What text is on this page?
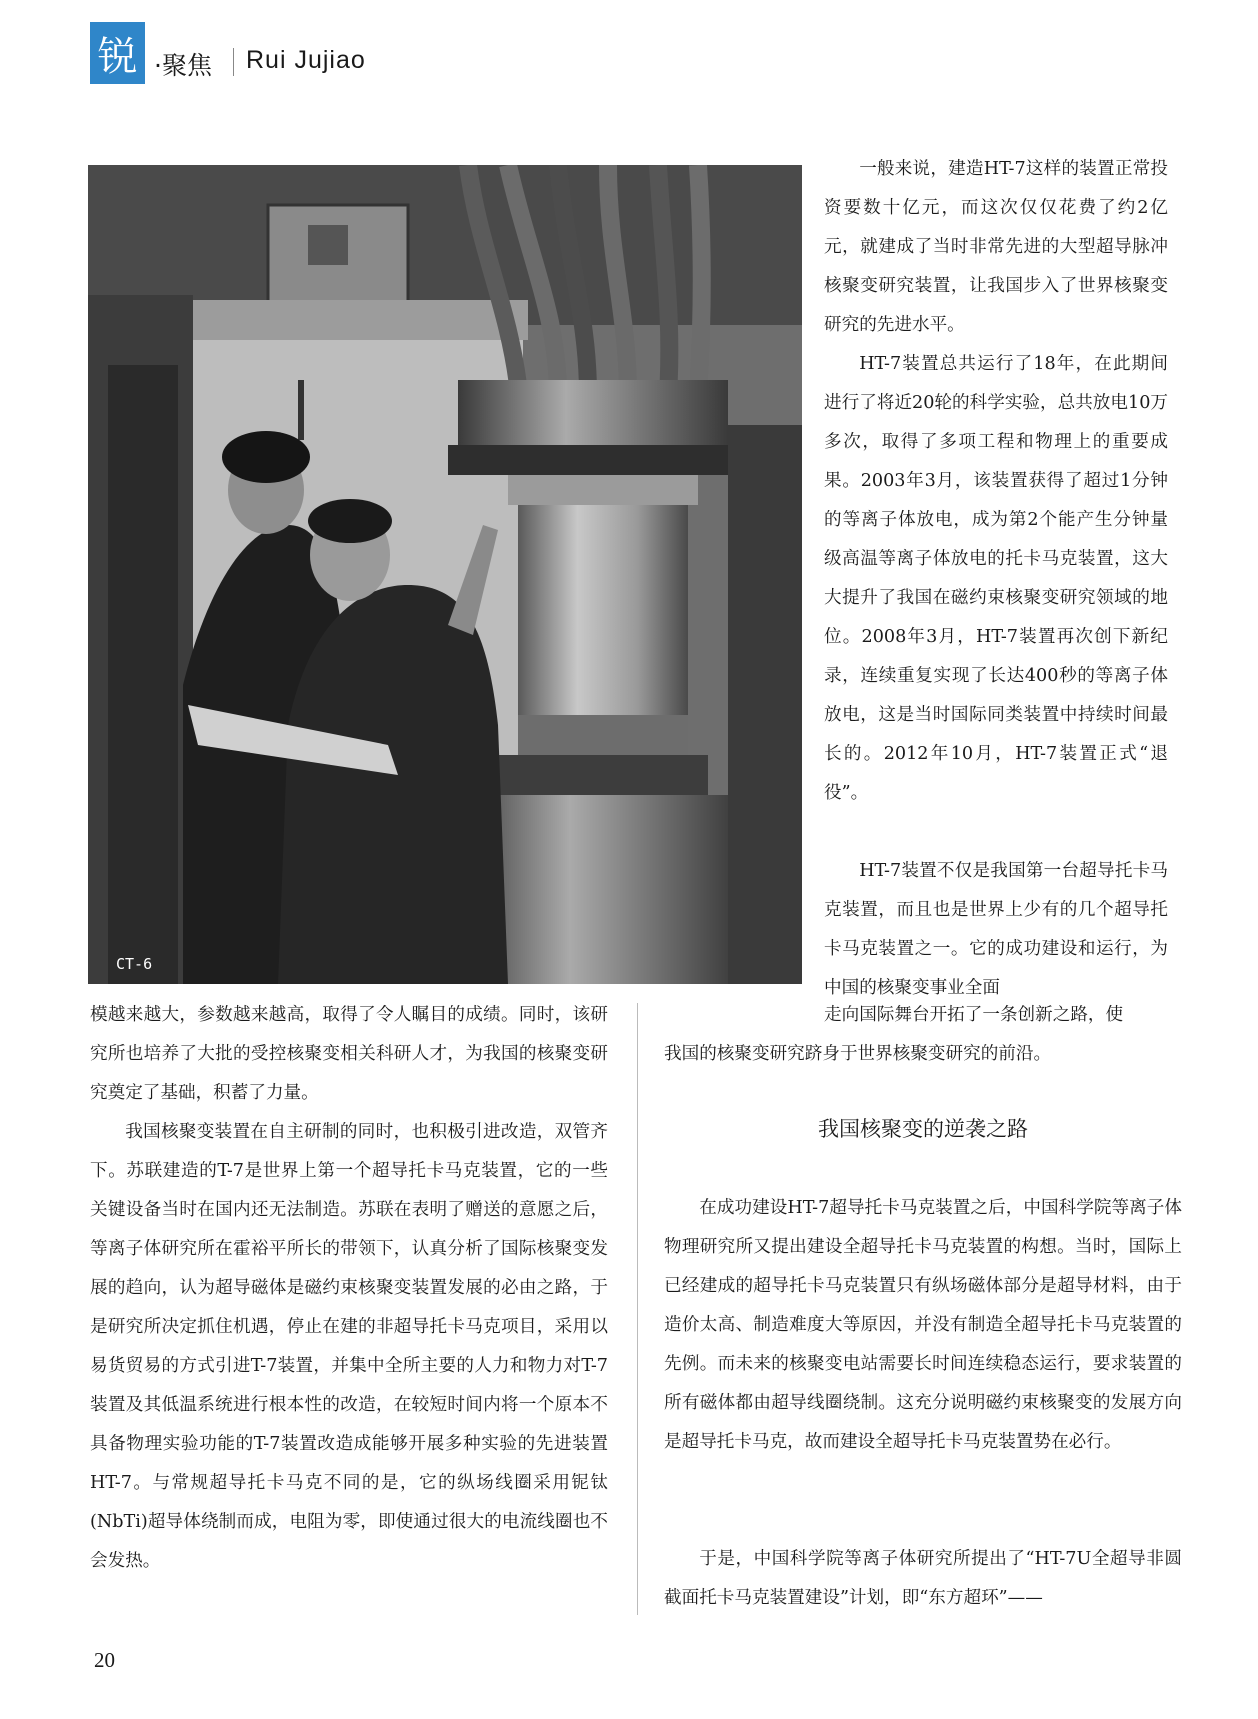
锐 ·聚焦 Rui Jujiao
CT-6

一般来说，建造HT-7这样的装置正常投资要数十亿元，而这次仅仅花费了约2亿元，就建成了当时非常先进的大型超导脉冲核聚变研究装置，让我国步入了世界核聚变研究的先进水平。

HT-7装置总共运行了18年，在此期间进行了将近20轮的科学实验，总共放电10万多次，取得了多项工程和物理上的重要成果。2003年3月，该装置获得了超过1分钟的等离子体放电，成为第2个能产生分钟量级高温等离子体放电的托卡马克装置，这大大提升了我国在磁约束核聚变研究领域的地位。2008年3月，HT-7装置再次创下新纪录，连续重复实现了长达400秒的等离子体放电，这是当时国际同类装置中持续时间最长的。2012年10月，HT-7装置正式“退役”。

HT-7装置不仅是我国第一台超导托卡马克装置，而且也是世界上少有的几个超导托卡马克装置之一。它的成功建设和运行，为中国的核聚变事业全面

走向国际舞台开拓了一条创新之路，使

我国的核聚变研究跻身于世界核聚变研究的前沿。

模越来越大，参数越来越高，取得了令人瞩目的成绩。同时，该研究所也培养了大批的受控核聚变相关科研人才，为我国的核聚变研究奠定了基础，积蓄了力量。

我国核聚变装置在自主研制的同时，也积极引进改造，双管齐下。苏联建造的T-7是世界上第一个超导托卡马克装置，它的一些关键设备当时在国内还无法制造。苏联在表明了赠送的意愿之后，等离子体研究所在霍裕平所长的带领下，认真分析了国际核聚变发展的趋向，认为超导磁体是磁约束核聚变装置发展的必由之路，于是研究所决定抓住机遇，停止在建的非超导托卡马克项目，采用以易货贸易的方式引进T-7装置，并集中全所主要的人力和物力对T-7装置及其低温系统进行根本性的改造，在较短时间内将一个原本不具备物理实验功能的T-7装置改造成能够开展多种实验的先进装置HT-7。与常规超导托卡马克不同的是，它的纵场线圈采用铌钛(NbTi)超导体绕制而成，电阻为零，即使通过很大的电流线圈也不会发热。

我国核聚变的逆袭之路

在成功建设HT-7超导托卡马克装置之后，中国科学院等离子体物理研究所又提出建设全超导托卡马克装置的构想。当时，国际上已经建成的超导托卡马克装置只有纵场磁体部分是超导材料，由于造价太高、制造难度大等原因，并没有制造全超导托卡马克装置的先例。而未来的核聚变电站需要长时间连续稳态运行，要求装置的所有磁体都由超导线圈绕制。这充分说明磁约束核聚变的发展方向是超导托卡马克，故而建设全超导托卡马克装置势在必行。

于是，中国科学院等离子体研究所提出了“HT-7U全超导非圆截面托卡马克装置建设”计划，即“东方超环”——

20
